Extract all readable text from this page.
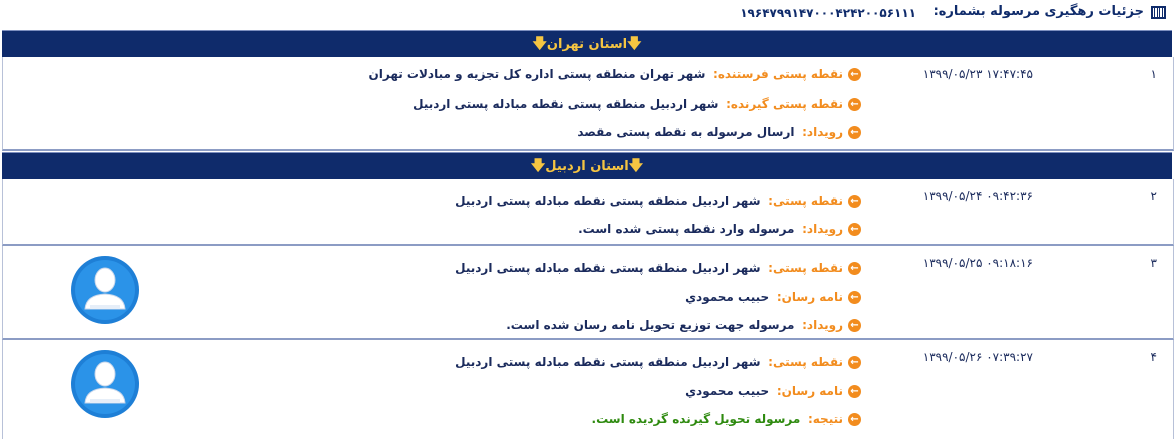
جزئیات رهگیری مرسوله بشماره:
۱۹۶۴۷۹۹۱۴۷۰۰۰۴۲۴۲۰۰۵۶۱۱۱
🡇استان تهران🡇
۱
۱۳۹۹/۰۵/۲۳ ۱۷:۴۷:۴۵
←نقطه پستی فرستنده:  شهر تهران منطقه پستی اداره کل تجزیه و مبادلات تهران
←نقطه پستی گیرنده:  شهر اردبیل منطقه پستی نقطه مبادله پستی اردبیل
←رویداد:  ارسال مرسوله به نقطه پستی مقصد
🡇استان اردبیل🡇
۲
۱۳۹۹/۰۵/۲۴ ۰۹:۴۲:۳۶
←نقطه پستی:  شهر اردبیل منطقه پستی نقطه مبادله پستی اردبیل
←رویداد:  مرسوله وارد نقطه پستی شده است.
۳
۱۳۹۹/۰۵/۲۵ ۰۹:۱۸:۱۶
←نقطه پستی:  شهر اردبیل منطقه پستی نقطه مبادله پستی اردبیل
←نامه رسان:  حبیب محمودي
←رویداد:  مرسوله جهت توزیع تحویل نامه رسان شده است.
۴
۱۳۹۹/۰۵/۲۶ ۰۷:۳۹:۲۷
←نقطه پستی:  شهر اردبیل منطقه پستی نقطه مبادله پستی اردبیل
←نامه رسان:  حبیب محمودي
←نتیجه:  مرسوله تحویل گیرنده گردیده است.
